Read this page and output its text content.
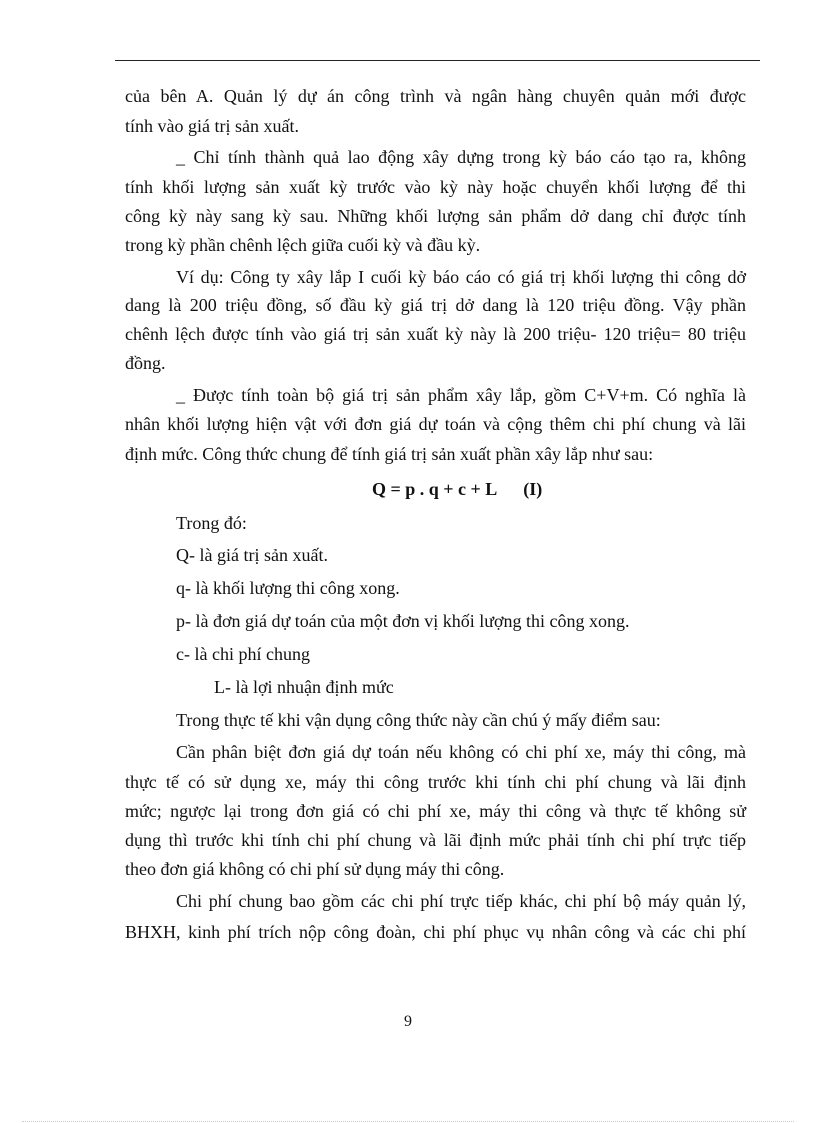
của bên A. Quản lý dự án công trình và ngân hàng chuyên quản mới được
tính vào giá trị sản xuất.
_ Chỉ tính thành quả lao động xây dựng trong kỳ báo cáo tạo ra, không
tính khối lượng sản xuất kỳ trước vào kỳ này hoặc chuyển khối lượng để thi
công kỳ này sang kỳ sau. Những khối lượng sản phẩm dở dang chỉ được tính
trong kỳ phần chênh lệch giữa cuối kỳ và đầu kỳ.
Ví dụ: Công ty xây lắp I cuối kỳ báo cáo có giá trị khối lượng thi công dở
dang là 200 triệu đồng, số đầu kỳ giá trị dở dang là 120 triệu đồng. Vậy phần
chênh lệch được tính vào giá trị sản xuất kỳ này là 200 triệu- 120 triệu= 80 triệu
đồng.
_ Được tính toàn bộ giá trị sản phẩm xây lắp, gồm C+V+m. Có nghĩa là
nhân khối lượng hiện vật với đơn giá dự toán và cộng thêm chi phí chung và lãi
định mức. Công thức chung để tính giá trị sản xuất phần xây lắp như sau:
Q = p . q + c + L (I)
Trong đó:
Q- là giá trị sản xuất.
q- là khối lượng thi công xong.
p- là đơn giá dự toán của một đơn vị khối lượng thi công xong.
c- là chi phí chung
L- là lợi nhuận định mức
Trong thực tế khi vận dụng công thức này cần chú ý mấy điểm sau:
Cần phân biệt đơn giá dự toán nếu không có chi phí xe, máy thi công, mà
thực tế có sử dụng xe, máy thi công trước khi tính chi phí chung và lãi định
mức; ngược lại trong đơn giá có chi phí xe, máy thi công và thực tế không sử
dụng thì trước khi tính chi phí chung và lãi định mức phải tính chi phí trực tiếp
theo đơn giá không có chi phí sử dụng máy thi công.
Chi phí chung bao gồm các chi phí trực tiếp khác, chi phí bộ máy quản lý,
BHXH, kinh phí trích nộp công đoàn, chi phí phục vụ nhân công và các chi phí
9
